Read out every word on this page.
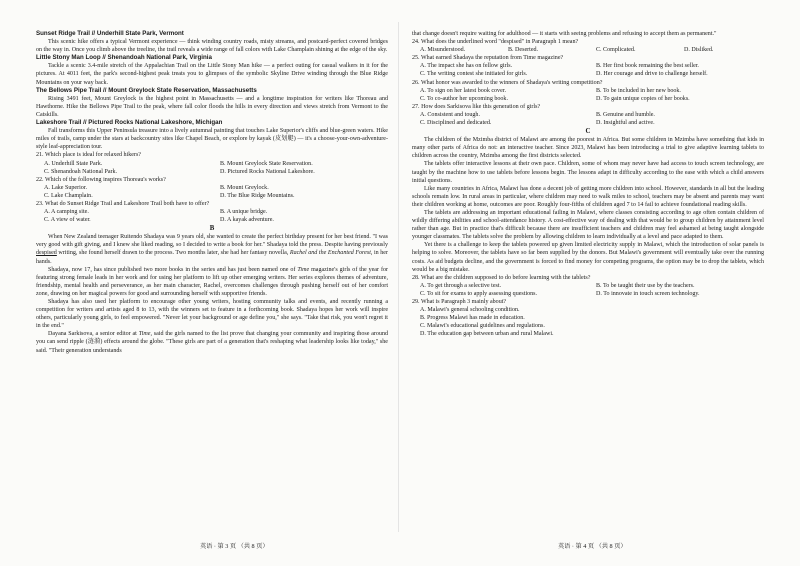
Sunset Ridge Trail // Underhill State Park, Vermont

This scenic hike offers a typical Vermont experience — think winding country roads, misty streams, and postcard-perfect covered bridges on the way in. Once you climb above the treeline, the trail reveals a wide range of fall colors with Lake Champlain shining at the edge of the sky.

Little Stony Man Loop // Shenandoah National Park, Virginia

Tackle a scenic 3.4-mile stretch of the Appalachian Trail on the Little Stony Man hike — a perfect outing for casual walkers in it for the pictures. At 4011 feet, the park's second-highest peak treats you to glimpses of the symbolic Skyline Drive winding through the Blue Ridge Mountains on your way back.

The Bellows Pipe Trail // Mount Greylock State Reservation, Massachusetts

Rising 3491 feet, Mount Greylock is the highest point in Massachusetts — and a longtime inspiration for writers like Thoreau and Hawthorne. Hike the Bellows Pipe Trail to the peak, where fall color floods the hills in every direction and views stretch from Vermont to the Catskills.

Lakeshore Trail // Pictured Rocks National Lakeshore, Michigan

Fall transforms this Upper Peninsula treasure into a lively autumnal painting that touches Lake Superior's cliffs and blue-green waters. Hike miles of trails, camp under the stars at backcountry sites like Chapel Beach, or explore by kayak (皮划艇) — it's a choose-your-own-adventure-style leaf-appreciation tour.

21. Which place is ideal for relaxed hikers?

A. Underhill State Park.	B. Mount Greylock State Reservation.
C. Shenandoah National Park.	D. Pictured Rocks National Lakeshore.

22. Which of the following inspires Thoreau's works?

A. Lake Superior.	B. Mount Greylock.
C. Lake Champlain.	D. The Blue Ridge Mountains.

23. What do Sunset Ridge Trail and Lakeshore Trail both have to offer?

A. A camping site.	B. A unique bridge.
C. A view of water.	D. A kayak adventure.

B

When New Zealand teenager Ruitendo Shadaya was 9 years old, she wanted to create the perfect birthday present for her best friend. "I was very good with gift giving, and I knew she liked reading, so I decided to write a book for her." Shadaya told the press. Despite having previously despised writing, she found herself drawn to the process. Two months later, she had her fantasy novella, Rachel and the Enchanted Forest, in her hands.

Shadaya, now 17, has since published two more books in the series and has just been named one of Time magazine's girls of the year for featuring strong female leads in her work and for using her platform to lift up other emerging writers. Her series explores themes of adventure, friendship, mental health and perseverance, as her main character, Rachel, overcomes challenges through pushing herself out of her comfort zone, drawing on her magical powers for good and surrounding herself with supportive friends.

Shadaya has also used her platform to encourage other young writers, hosting community talks and events, and recently running a competition for writers and artists aged 8 to 13, with the winners set to feature in a forthcoming book. Shadaya hopes her work will inspire others, particularly young girls, to feel empowered. "Never let your background or age define you," she says. "Take that risk, you won't regret it in the end."

Dayana Sarkisova, a senior editor at Time, said the girls named to the list prove that changing your community and inspiring those around you can send ripple (涟漪) effects around the globe. "These girls are part of a generation that's reshaping what leadership looks like today," she said. "Their generation understands

that change doesn't require waiting for adulthood — it starts with seeing problems and refusing to accept them as permanent."

24. What does the underlined word "despised" in Paragraph 1 mean?

A. Misunderstood.	B. Deserted.	C. Complicated.	D. Disliked.

25. What earned Shadaya the reputation from Time magazine?

A. The impact she has on fellow girls.	B. Her first book remaining the best seller.
C. The writing contest she initiated for girls.	D. Her courage and drive to challenge herself.

26. What honor was awarded to the winners of Shadaya's writing competition?

A. To sign on her latest book cover.	B. To be included in her new book.
C. To co-author her upcoming book.	D. To gain unique copies of her books.

27. How does Sarkisova like this generation of girls?

A. Consistent and tough.	B. Genuine and humble.
C. Disciplined and dedicated.	D. Insightful and active.

C

The children of the Mzimba district of Malawi are among the poorest in Africa. But some children in Mzimba have something that kids in many other parts of Africa do not: an interactive teacher. Since 2023, Malawi has been introducing a trial to give adaptive learning tablets to children across the country, Mzimba among the first districts selected.

The tablets offer interactive lessons at their own pace. Children, some of whom may never have had access to touch screen technology, are taught by the machine how to use tablets before lessons begin. The lessons adapt in difficulty according to the ease with which a child answers initial questions.

Like many countries in Africa, Malawi has done a decent job of getting more children into school. However, standards in all but the leading schools remain low. In rural areas in particular, where children may need to walk miles to school, teachers may be absent and parents may want their children working at home, outcomes are poor. Roughly four-fifths of children aged 7 to 14 fail to achieve foundational reading skills.

The tablets are addressing an important educational failing in Malawi, where classes consisting according to age often contain children of wildly differing abilities and school-attendance history. A cost-effective way of dealing with that would be to group children by attainment level rather than age. But in practice that's difficult because there are insufficient teachers and children may feel ashamed at being taught alongside younger classmates. The tablets solve the problem by allowing children to learn individually at a level and pace adapted to them.

Yet there is a challenge to keep the tablets powered up given limited electricity supply in Malawi, which the introduction of solar panels is helping to solve. Moreover, the tablets have so far been supplied by the donors. But Malawi's government will eventually take over the running costs. As aid budgets decline, and the government is forced to find money for competing programs, the option may be to drop the tablets, which would be a big mistake.

28. What are the children supposed to do before learning with the tablets?

A. To get through a selective test.	B. To be taught their use by the teachers.
C. To sit for exams to apply assessing questions.	D. To innovate in touch screen technology.

29. What is Paragraph 3 mainly about?

A. Malawi's general schooling condition.
B. Progress Malawi has made in education.
C. Malawi's educational guidelines and regulations.
D. The education gap between urban and rural Malawi.
英语 · 第 3 页 （共 8 页）	英语 · 第 4 页 （共 8 页）
